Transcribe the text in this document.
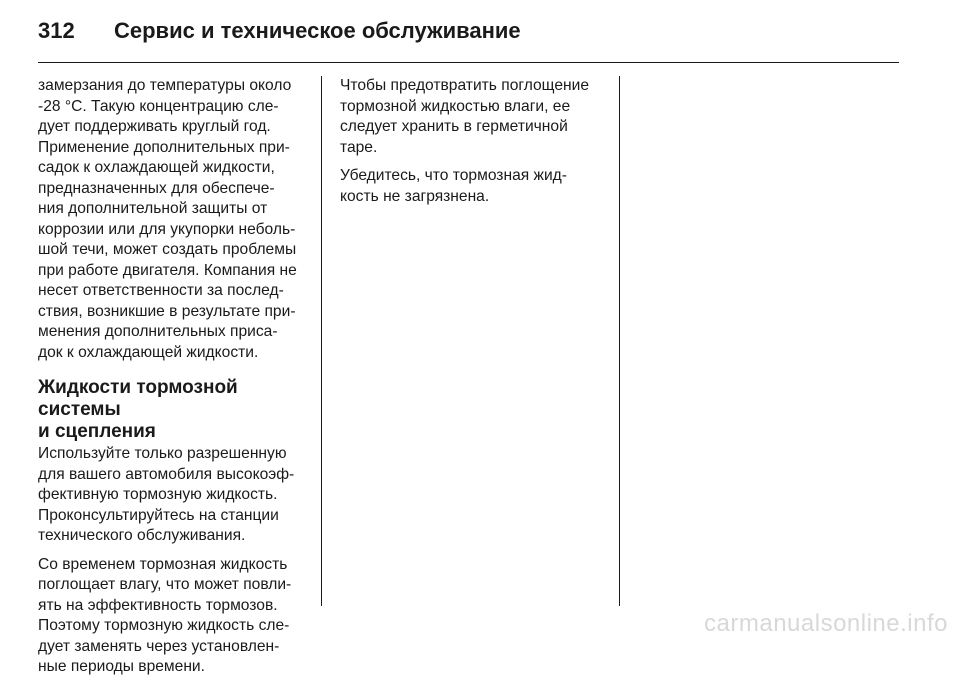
312	Сервис и техническое обслуживание

замерзания до температуры около
-28 °C. Такую концентрацию сле-
дует поддерживать круглый год.
Применение дополнительных при-
садок к охлаждающей жидкости,
предназначенных для обеспече-
ния дополнительной защиты от
коррозии или для укупорки неболь-
шой течи, может создать проблемы
при работе двигателя. Компания не
несет ответственности за послед-
ствия, возникшие в результате при-
менения дополнительных приса-
док к охлаждающей жидкости.

Жидкости тормозной системы
и сцепления

Используйте только разрешенную
для вашего автомобиля высокоэф-
фективную тормозную жидкость.
Проконсультируйтесь на станции
технического обслуживания.

Со временем тормозная жидкость
поглощает влагу, что может повли-
ять на эффективность тормозов.
Поэтому тормозную жидкость сле-
дует заменять через установлен-
ные периоды времени.

Чтобы предотвратить поглощение
тормозной жидкостью влаги, ее
следует хранить в герметичной
таре.

Убедитесь, что тормозная жид-
кость не загрязнена.

carmanualsonline.info
